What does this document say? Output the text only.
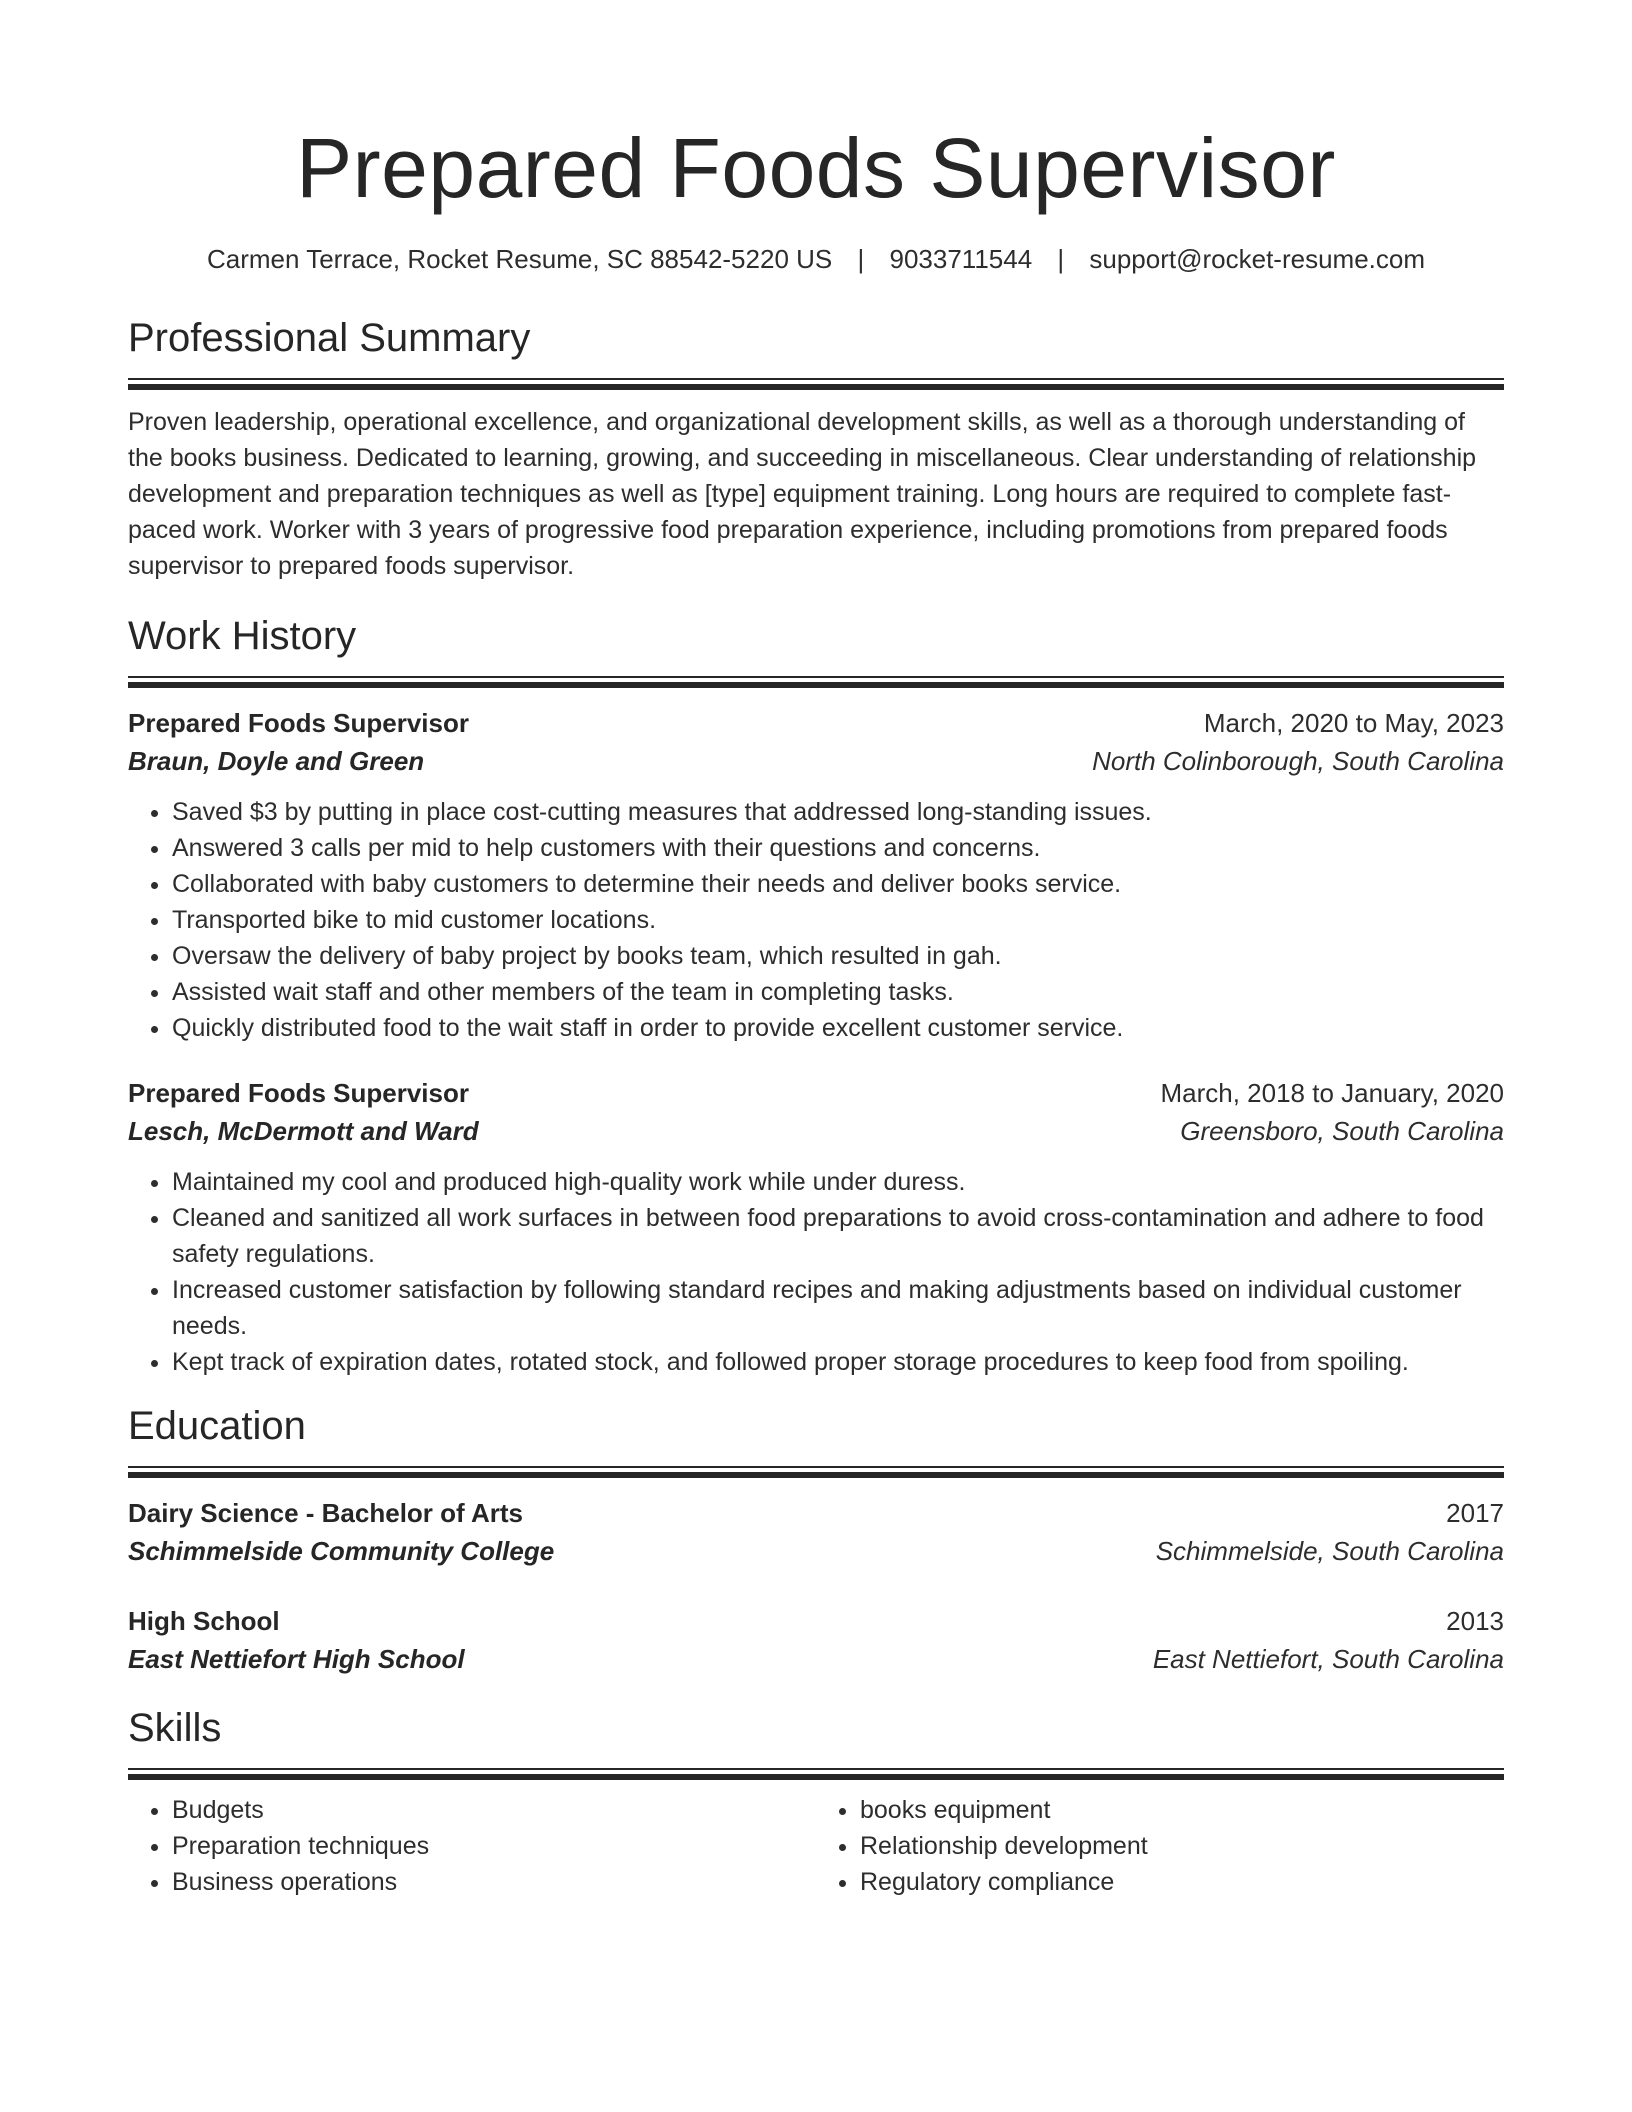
Prepared Foods Supervisor
Carmen Terrace, Rocket Resume, SC 88542-5220 US | 9033711544 | support@rocket-resume.com
Professional Summary
Proven leadership, operational excellence, and organizational development skills, as well as a thorough understanding of the books business. Dedicated to learning, growing, and succeeding in miscellaneous. Clear understanding of relationship development and preparation techniques as well as [type] equipment training. Long hours are required to complete fast-paced work. Worker with 3 years of progressive food preparation experience, including promotions from prepared foods supervisor to prepared foods supervisor.
Work History
Prepared Foods Supervisor	March, 2020 to May, 2023
Braun, Doyle and Green	North Colinborough, South Carolina
• Saved $3 by putting in place cost-cutting measures that addressed long-standing issues.
• Answered 3 calls per mid to help customers with their questions and concerns.
• Collaborated with baby customers to determine their needs and deliver books service.
• Transported bike to mid customer locations.
• Oversaw the delivery of baby project by books team, which resulted in gah.
• Assisted wait staff and other members of the team in completing tasks.
• Quickly distributed food to the wait staff in order to provide excellent customer service.
Prepared Foods Supervisor	March, 2018 to January, 2020
Lesch, McDermott and Ward	Greensboro, South Carolina
• Maintained my cool and produced high-quality work while under duress.
• Cleaned and sanitized all work surfaces in between food preparations to avoid cross-contamination and adhere to food safety regulations.
• Increased customer satisfaction by following standard recipes and making adjustments based on individual customer needs.
• Kept track of expiration dates, rotated stock, and followed proper storage procedures to keep food from spoiling.
Education
Dairy Science - Bachelor of Arts	2017
Schimmelside Community College	Schimmelside, South Carolina
High School	2013
East Nettiefort High School	East Nettiefort, South Carolina
Skills
• Budgets
• Preparation techniques
• Business operations
• books equipment
• Relationship development
• Regulatory compliance
